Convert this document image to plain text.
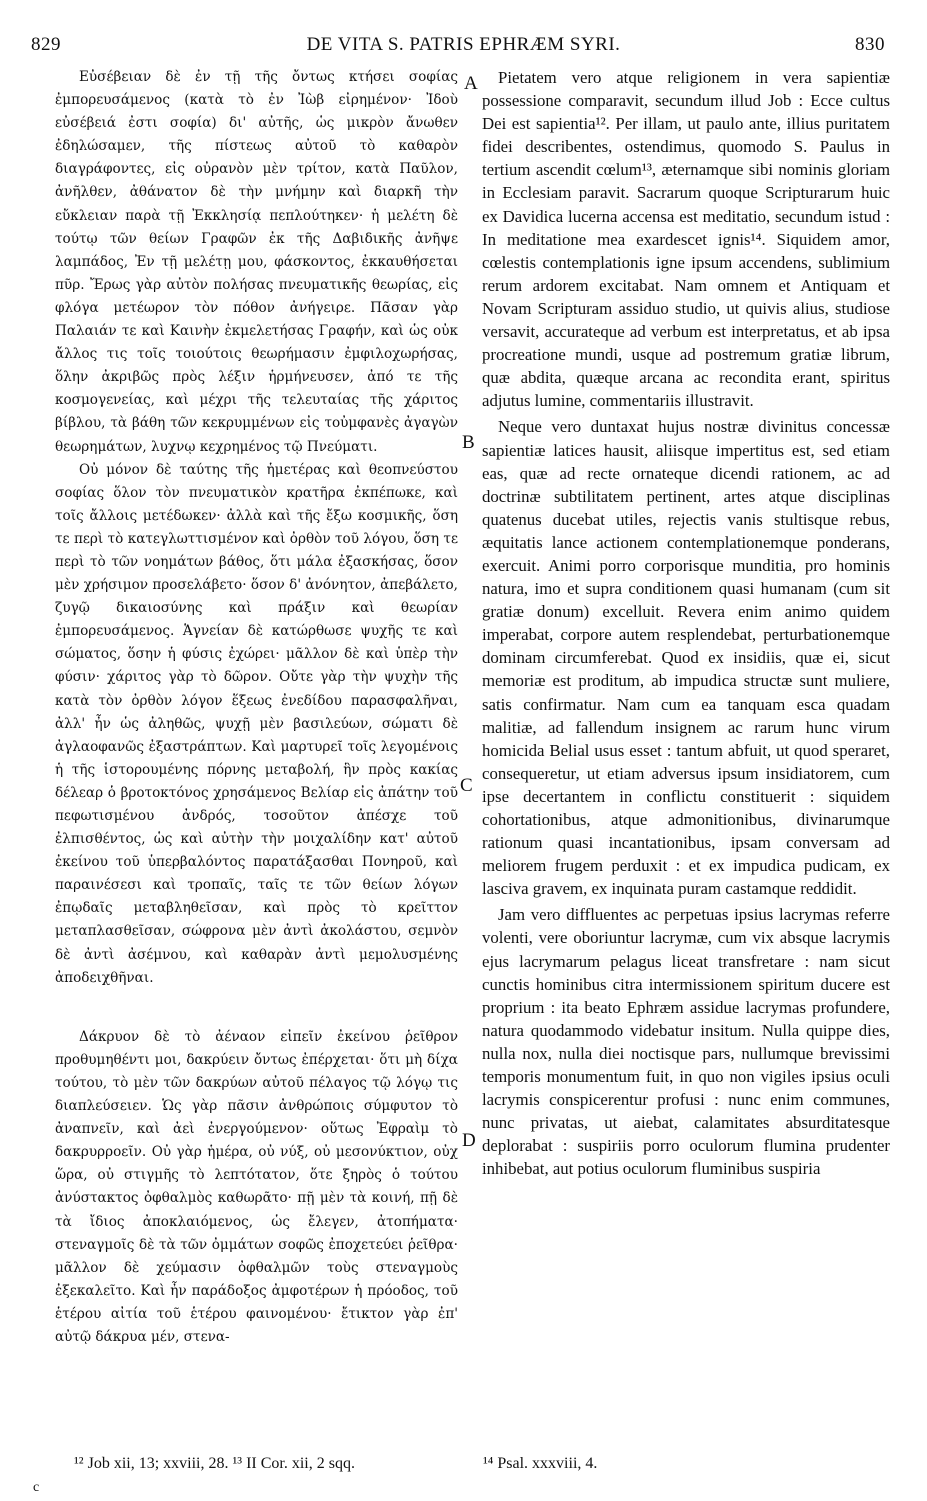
829	DE VITA S. PATRIS EPHRÆM SYRI.	830

Εὐσέβειαν δὲ ἐν τῇ τῆς ὄντως κτήσει σοφίας ἐμπορευσάμενος (κατὰ τὸ ἐν Ἰὼβ εἰρημένον· Ἰδοὺ εὐσέβειά ἐστι σοφία) δι' αὐτῆς, ὡς μικρὸν ἄνωθεν ἐδηλώσαμεν, τῆς πίστεως αὐτοῦ τὸ καθαρὸν διαγράφοντες, εἰς οὐρανὸν μὲν τρίτον, κατὰ Παῦλον, ἀνῆλθεν, ἀθάνατον δὲ τὴν μνήμην καὶ διαρκῆ τὴν εὔκλειαν παρὰ τῇ Ἐκκλησίᾳ πεπλούτηκεν· ἡ μελέτη δὲ τούτῳ τῶν θείων Γραφῶν ἐκ τῆς Δαβιδικῆς ἀνῆψε λαμπάδος, Ἐν τῇ μελέτῃ μου, φάσκοντος, ἐκκαυθήσεται πῦρ. Ἔρως γὰρ αὐτὸν πολήσας πνευματικῆς θεωρίας, εἰς φλόγα μετέωρον τὸν πόθον ἀνήγειρε. Πᾶσαν γὰρ Παλαιάν τε καὶ Καινὴν ἐκμελετήσας Γραφήν, καὶ ὡς οὐκ ἄλλος τις τοῖς τοιούτοις θεωρήμασιν ἐμφιλοχωρήσας, ὅλην ἀκριβῶς πρὸς λέξιν ἡρμήνευσεν, ἀπό τε τῆς κοσμογενείας, καὶ μέχρι τῆς τελευταίας τῆς χάριτος βίβλου, τὰ βάθη τῶν κεκρυμμένων εἰς τοὐμφανὲς ἀγαγὼν θεωρημάτων, λυχνῳ κεχρημένος τῷ Πνεύματι.

Οὐ μόνον δὲ ταύτης τῆς ἡμετέρας καὶ θεοπνεύστου σοφίας ὅλον τὸν πνευματικὸν κρατῆρα ἐκπέπωκε, καὶ τοῖς ἄλλοις μετέδωκεν· ἀλλὰ καὶ τῆς ἔξω κοσμικῆς, ὅση τε περὶ τὸ κατεγλωττισμένον καὶ ὀρθὸν τοῦ λόγου, ὅση τε περὶ τὸ τῶν νοημάτων βάθος, ὅτι μάλα ἐξασκήσας, ὅσον μὲν χρήσιμον προσελάβετο· ὅσον δ' ἀνόνητον, ἀπεβάλετο, ζυγῷ δικαιοσύνης καὶ πράξιν καὶ θεωρίαν ἐμπορευσάμενος. Ἁγνείαν δὲ κατώρθωσε ψυχῆς τε καὶ σώματος, ὅσην ἡ φύσις ἐχώρει· μᾶλλον δὲ καὶ ὑπὲρ τὴν φύσιν· χάριτος γὰρ τὸ δῶρον. Οὔτε γὰρ τὴν ψυχὴν τῆς κατὰ τὸν ὀρθὸν λόγον ἕξεως ἐνεδίδου παρασφαλῆναι, ἀλλ' ἦν ὡς ἀληθῶς, ψυχῇ μὲν βασιλεύων, σώματι δὲ ἀγλαοφανῶς ἐξαστράπτων. Καὶ μαρτυρεῖ τοῖς λεγομένοις ἡ τῆς ἱστορουμένης πόρνης μεταβολή, ἣν πρὸς κακίας δέλεαρ ὁ βροτοκτόνος χρησάμενος Βελίαρ εἰς ἀπάτην τοῦ πεφωτισμένου ἀνδρός, τοσοῦτον ἀπέσχε τοῦ ἐλπισθέντος, ὡς καὶ αὐτὴν τὴν μοιχαλίδην κατ' αὐτοῦ ἐκείνου τοῦ ὑπερβαλόντος παρατάξασθαι Πονηροῦ, καὶ παραινέσεσι καὶ τροπαῖς, ταῖς τε τῶν θείων λόγων ἐπῳδαῖς μεταβληθεῖσαν, καὶ πρὸς τὸ κρεῖττον μεταπλασθεῖσαν, σώφρονα μὲν ἀντὶ ἀκολάστου, σεμνὸν δὲ ἀντὶ ἀσέμνου, καὶ καθαρὰν ἀντὶ μεμολυσμένης ἀποδειχθῆναι.

Δάκρυον δὲ τὸ ἀέναον εἰπεῖν ἐκείνου ῥεῖθρον προθυμηθέντι μοι, δακρύειν ὄντως ἐπέρχεται· ὅτι μὴ δίχα τούτου, τὸ μὲν τῶν δακρύων αὐτοῦ πέλαγος τῷ λόγῳ τις διαπλεύσειεν. Ὡς γὰρ πᾶσιν ἀνθρώποις σύμφυτον τὸ ἀναπνεῖν, καὶ ἀεὶ ἐνεργούμενον· οὕτως Ἐφραὶμ τὸ δακρυρροεῖν. Οὐ γὰρ ἡμέρα, οὐ νύξ, οὐ μεσονύκτιον, οὐχ ὥρα, οὐ στιγμῆς τὸ λεπτότατον, ὅτε ξηρὸς ὁ τούτου ἀνύστακτος ὀφθαλμὸς καθωρᾶτο· πῇ μὲν τὰ κοινή, πῇ δὲ τὰ ἴδιος ἀποκλαιόμενος, ὡς ἔλεγεν, ἀτοπήματα· στεναγμοῖς δὲ τὰ τῶν ὀμμάτων σοφῶς ἐποχετεύει ῥεῖθρα· μᾶλλον δὲ χεύμασιν ὀφθαλμῶν τοὺς στεναγμοὺς ἐξεκαλεῖτο. Καὶ ἦν παράδοξος ἀμφοτέρων ἡ πρόοδος, τοῦ ἑτέρου αἰτία τοῦ ἑτέρου φαινομένου· ἔτικτον γὰρ ἐπ' αὐτῷ δάκρυα μέν, στενα-

A
B
C
D

Pietatem vero atque religionem in vera sapientiæ possessione comparavit, secundum illud Job : Ecce cultus Dei est sapientia¹². Per illam, ut paulo ante, illius puritatem fidei describentes, ostendimus, quomodo S. Paulus in tertium ascendit cœlum¹³, æternamque sibi nominis gloriam in Ecclesiam paravit. Sacrarum quoque Scripturarum huic ex Davidica lucerna accensa est meditatio, secundum istud : In meditatione mea exardescet ignis¹⁴. Siquidem amor, cœlestis contemplationis igne ipsum accendens, sublimium rerum ardorem excitabat. Nam omnem et Antiquam et Novam Scripturam assiduo studio, ut quivis alius, studiose versavit, accurateque ad verbum est interpretatus, et ab ipsa procreatione mundi, usque ad postremum gratiæ librum, quæ abdita, quæque arcana ac recondita erant, spiritus adjutus lumine, commentariis illustravit.

Neque vero duntaxat hujus nostræ divinitus concessæ sapientiæ latices hausit, aliisque impertitus est, sed etiam eas, quæ ad recte ornateque dicendi rationem, ac ad doctrinæ subtilitatem pertinent, artes atque disciplinas quatenus ducebat utiles, rejectis vanis stultisque rebus, æquitatis lance actionem contemplationemque ponderans, exercuit. Animi porro corporisque munditia, pro hominis natura, imo et supra conditionem quasi humanam (cum sit gratiæ donum) excelluit. Revera enim animo quidem imperabat, corpore autem resplendebat, perturbationemque dominam circumferebat. Quod ex insidiis, quæ ei, sicut memoriæ est proditum, ab impudica structæ sunt muliere, satis confirmatur. Nam cum ea tanquam esca quadam malitiæ, ad fallendum insignem ac rarum hunc virum homicida Belial usus esset : tantum abfuit, ut quod speraret, consequeretur, ut etiam adversus ipsum insidiatorem, cum ipse decertantem in conflictu constituerit : siquidem cohortationibus, atque admonitionibus, divinarumque rationum quasi incantationibus, ipsam conversam ad meliorem frugem perduxit : et ex impudica pudicam, ex lasciva gravem, ex inquinata puram castamque reddidit.

Jam vero diffluentes ac perpetuas ipsius lacrymas referre volenti, vere oboriuntur lacrymæ, cum vix absque lacrymis ejus lacrymarum pelagus liceat transfretare : nam sicut cunctis hominibus citra intermissionem spiritum ducere est proprium : ita beato Ephræm assidue lacrymas profundere, natura quodammodo videbatur insitum. Nulla quippe dies, nulla nox, nulla diei noctisque pars, nullumque brevissimi temporis monumentum fuit, in quo non vigiles ipsius oculi lacrymis conspicerentur profusi : nunc enim communes, nunc privatas, ut aiebat, calamitates absurditatesque deplorabat : suspiriis porro oculorum flumina prudenter inhibebat, aut potius oculorum fluminibus suspiria

¹² Job xii, 13; xxviii, 28. ¹³ II Cor. xii, 2 sqq.	¹⁴ Psal. xxxviii, 4.
c
